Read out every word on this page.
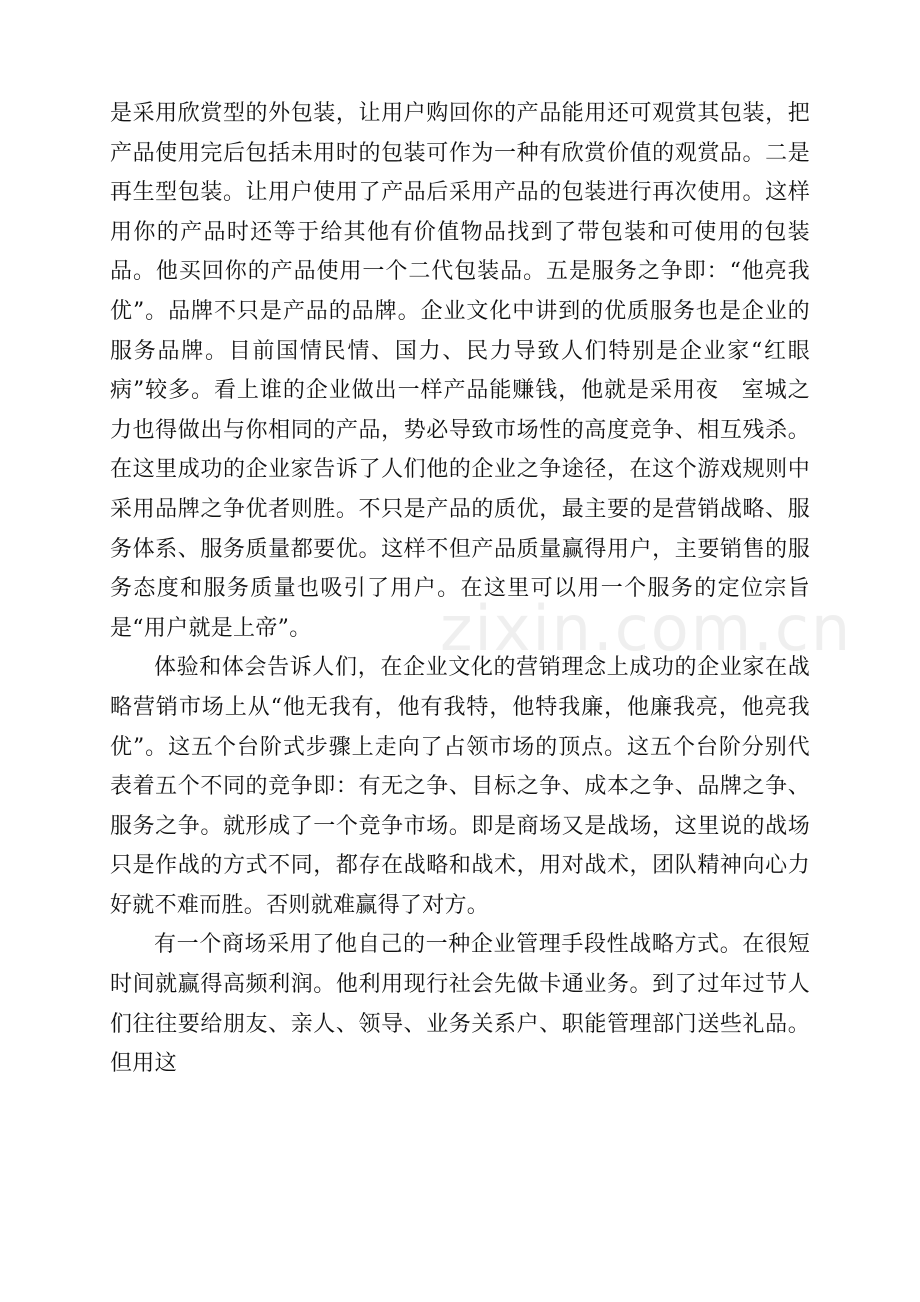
是采用欣赏型的外包装，让用户购回你的产品能用还可观赏其包装，把产品使用完后包括未用时的包装可作为一种有欣赏价值的观赏品。二是再生型包装。让用户使用了产品后采用产品的包装进行再次使用。这样用你的产品时还等于给其他有价值物品找到了带包装和可使用的包装品。他买回你的产品使用一个二代包装品。五是服务之争即：“他亮我优”。品牌不只是产品的品牌。企业文化中讲到的优质服务也是企业的服务品牌。目前国情民情、国力、民力导致人们特别是企业家“红眼病”较多。看上谁的企业做出一样产品能赚钱，他就是采用夜　室城之力也得做出与你相同的产品，势必导致市场性的高度竞争、相互残杀。在这里成功的企业家告诉了人们他的企业之争途径，在这个游戏规则中采用品牌之争优者则胜。不只是产品的质优，最主要的是营销战略、服务体系、服务质量都要优。这样不但产品质量赢得用户，主要销售的服务态度和服务质量也吸引了用户。在这里可以用一个服务的定位宗旨是“用户就是上帝”。

体验和体会告诉人们，在企业文化的营销理念上成功的企业家在战略营销市场上从“他无我有，他有我特，他特我廉，他廉我亮，他亮我优”。这五个台阶式步骤上走向了占领市场的顶点。这五个台阶分别代表着五个不同的竞争即：有无之争、目标之争、成本之争、品牌之争、服务之争。就形成了一个竞争市场。即是商场又是战场，这里说的战场只是作战的方式不同，都存在战略和战术，用对战术，团队精神向心力好就不难而胜。否则就难赢得了对方。

有一个商场采用了他自己的一种企业管理手段性战略方式。在很短时间就赢得高频利润。他利用现行社会先做卡通业务。到了过年过节人们往往要给朋友、亲人、领导、业务关系户、职能管理部门送些礼品。但用这

zixin.com.cn
